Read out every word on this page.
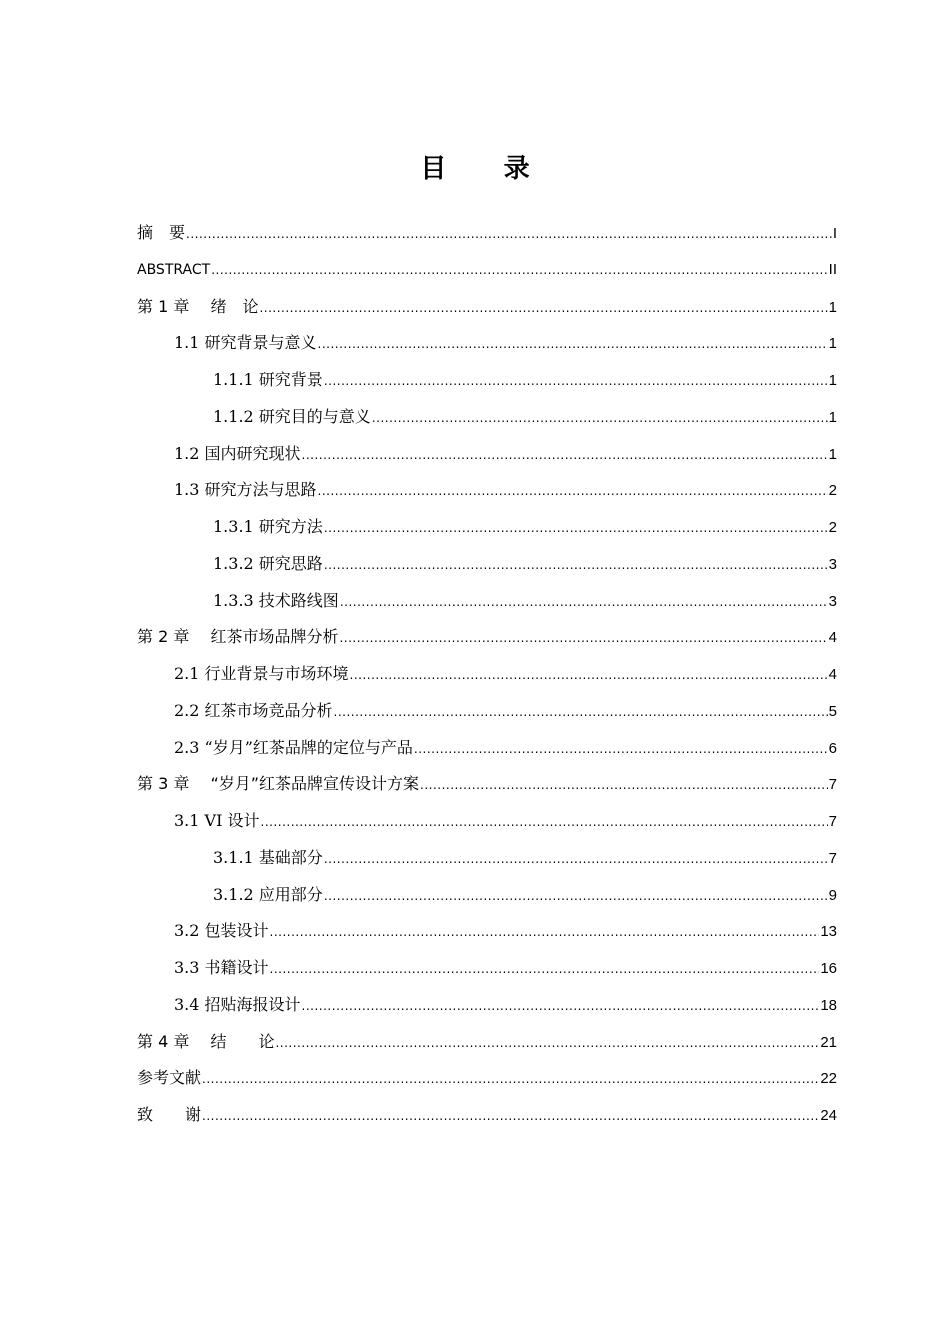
目　录
摘　要 .....	I
ABSTRACT .....	II
第 1 章　 绪　论 .....	1
1.1 研究背景与意义 .....	1
1.1.1 研究背景 .....	1
1.1.2 研究目的与意义 .....	1
1.2 国内研究现状 .....	1
1.3 研究方法与思路 .....	2
1.3.1 研究方法 .....	2
1.3.2 研究思路 .....	3
1.3.3 技术路线图 .....	3
第 2 章　 红茶市场品牌分析 .....	4
2.1 行业背景与市场环境 .....	4
2.2 红茶市场竞品分析 .....	5
2.3 “岁月”红茶品牌的定位与产品 .....	6
第 3 章　 “岁月”红茶品牌宣传设计方案 .....	7
3.1 VI 设计 .....	7
3.1.1 基础部分 .....	7
3.1.2 应用部分 .....	9
3.2 包装设计 .....	13
3.3 书籍设计 .....	16
3.4 招贴海报设计 .....	18
第 4 章　 结　　论 .....	21
参考文献 .....	22
致　　谢 .....	24
